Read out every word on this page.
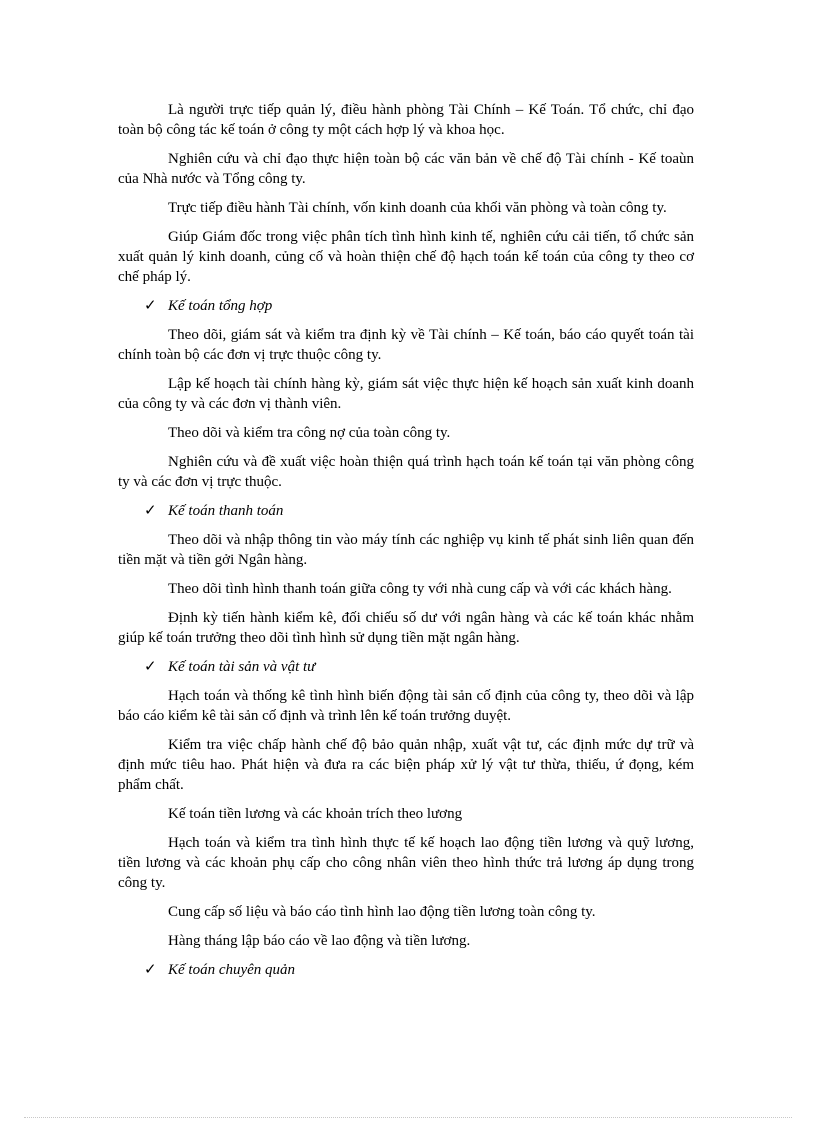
Là người trực tiếp quản lý, điều hành phòng Tài Chính – Kế Toán. Tổ chức, chỉ đạo toàn bộ công tác kế toán ở công ty một cách hợp lý và khoa học.

Nghiên cứu và chỉ đạo thực hiện toàn bộ các văn bản về chế độ Tài chính - Kế toaùn của Nhà nước và Tổng công ty.

Trực tiếp điều hành Tài chính, vốn kinh doanh của khối văn phòng và toàn công ty.

Giúp Giám đốc trong việc phân tích tình hình kinh tế, nghiên cứu cải tiến, tổ chức sản xuất quản lý kinh doanh, củng cố và hoàn thiện chế độ hạch toán kế toán của công ty theo cơ chế pháp lý.

✓ Kế toán tổng hợp

Theo dõi, giám sát và kiểm tra định kỳ về Tài chính – Kế toán, báo cáo quyết toán tài chính toàn bộ các đơn vị trực thuộc công ty.

Lập kế hoạch tài chính hàng kỳ, giám sát việc thực hiện kế hoạch sản xuất kinh doanh của công ty và các đơn vị thành viên.

Theo dõi và kiểm tra công nợ của toàn công ty.

Nghiên cứu và đề xuất việc hoàn thiện quá trình hạch toán kế toán tại văn phòng công ty và các đơn vị trực thuộc.

✓ Kế toán thanh toán

Theo dõi và nhập thông tin vào máy tính các nghiệp vụ kinh tế phát sinh liên quan đến tiền mặt và tiền gởi Ngân hàng.

Theo dõi tình hình thanh toán giữa công ty với nhà cung cấp và với các khách hàng.

Định kỳ tiến hành kiểm kê, đối chiếu số dư với ngân hàng và các kế toán khác nhằm giúp kế toán trưởng theo dõi tình hình sử dụng tiền mặt ngân hàng.

✓ Kế toán tài sản và vật tư

Hạch toán và thống kê tình hình biến động tài sản cố định của công ty, theo dõi và lập báo cáo kiểm kê tài sản cố định và trình lên kế toán trưởng duyệt.

Kiểm tra việc chấp hành chế độ bảo quản nhập, xuất vật tư, các định mức dự trữ và định mức tiêu hao. Phát hiện và đưa ra các biện pháp xử lý vật tư thừa, thiếu, ứ đọng, kém phẩm chất.

Kế toán tiền lương và các khoản trích theo lương

Hạch toán và kiểm tra tình hình thực tế kế hoạch lao động tiền lương và quỹ lương, tiền lương và các khoản phụ cấp cho công nhân viên theo hình thức trả lương áp dụng trong công ty.

Cung cấp số liệu và báo cáo tình hình lao động tiền lương toàn công ty.

Hàng tháng lập báo cáo về lao động và tiền lương.

✓ Kế toán chuyên quản
